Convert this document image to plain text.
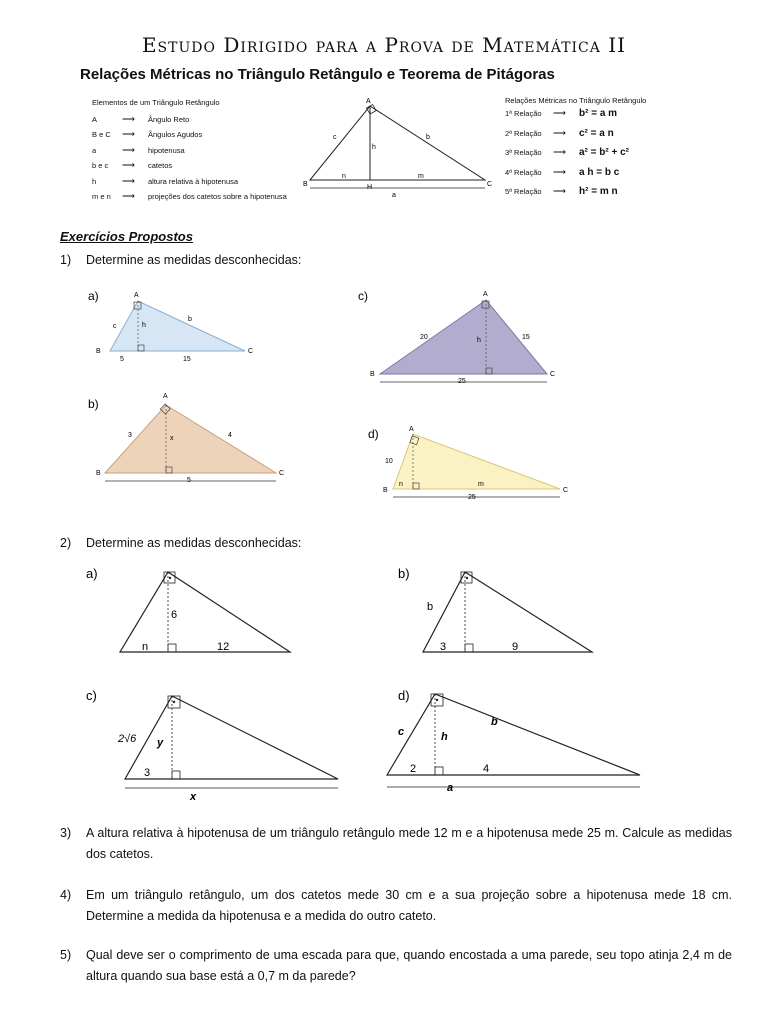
Estudo Dirigido para a Prova de Matemática II
Relações Métricas no Triângulo Retângulo e Teorema de Pitágoras
Elementos de um Triângulo Retângulo
A	⟶ Ângulo Reto
B e C ⟶ Ângulos Agudos
a	⟶ hipotenusa
b e c ⟶ catetos
h	⟶ altura relativa à hipotenusa
m e n ⟶ projeções dos catetos sobre a hipotenusa
A
B	C
H
a
b
c
h
m
n
Relações Métricas no Triângulo Retângulo
1ª Relação ⟶ b² = a m
2ª Relação ⟶ c² = a n
3ª Relação ⟶ a² = b² + c²
4ª Relação ⟶ a h = b c
5ª Relação ⟶ h² = m n
Exercícios Propostos
1) Determine as medidas desconhecidas:
a)	A
B	C
c
b
h
5	15
b)
A
B	C
3	4
x
5
c)	A
B	C
20	15
h
25
d)	A
B	C
10
n	m
25
2) Determine as medidas desconhecidas:
a)
6
n	12
b)
b
3	9
c)
2√6 y
3
x
d)
c
b
h
2	4
a
3) A altura relativa à hipotenusa de um triângulo retângulo mede 12 m e a hipotenusa mede 25 m. Calcule as medidas dos catetos.
4) Em um triângulo retângulo, um dos catetos mede 30 cm e a sua projeção sobre a hipotenusa mede 18 cm. Determine a medida da hipotenusa e a medida do outro cateto.
5) Qual deve ser o comprimento de uma escada para que, quando encostada a uma parede, seu topo atinja 2,4 m de altura quando sua base está a 0,7 m da parede?
